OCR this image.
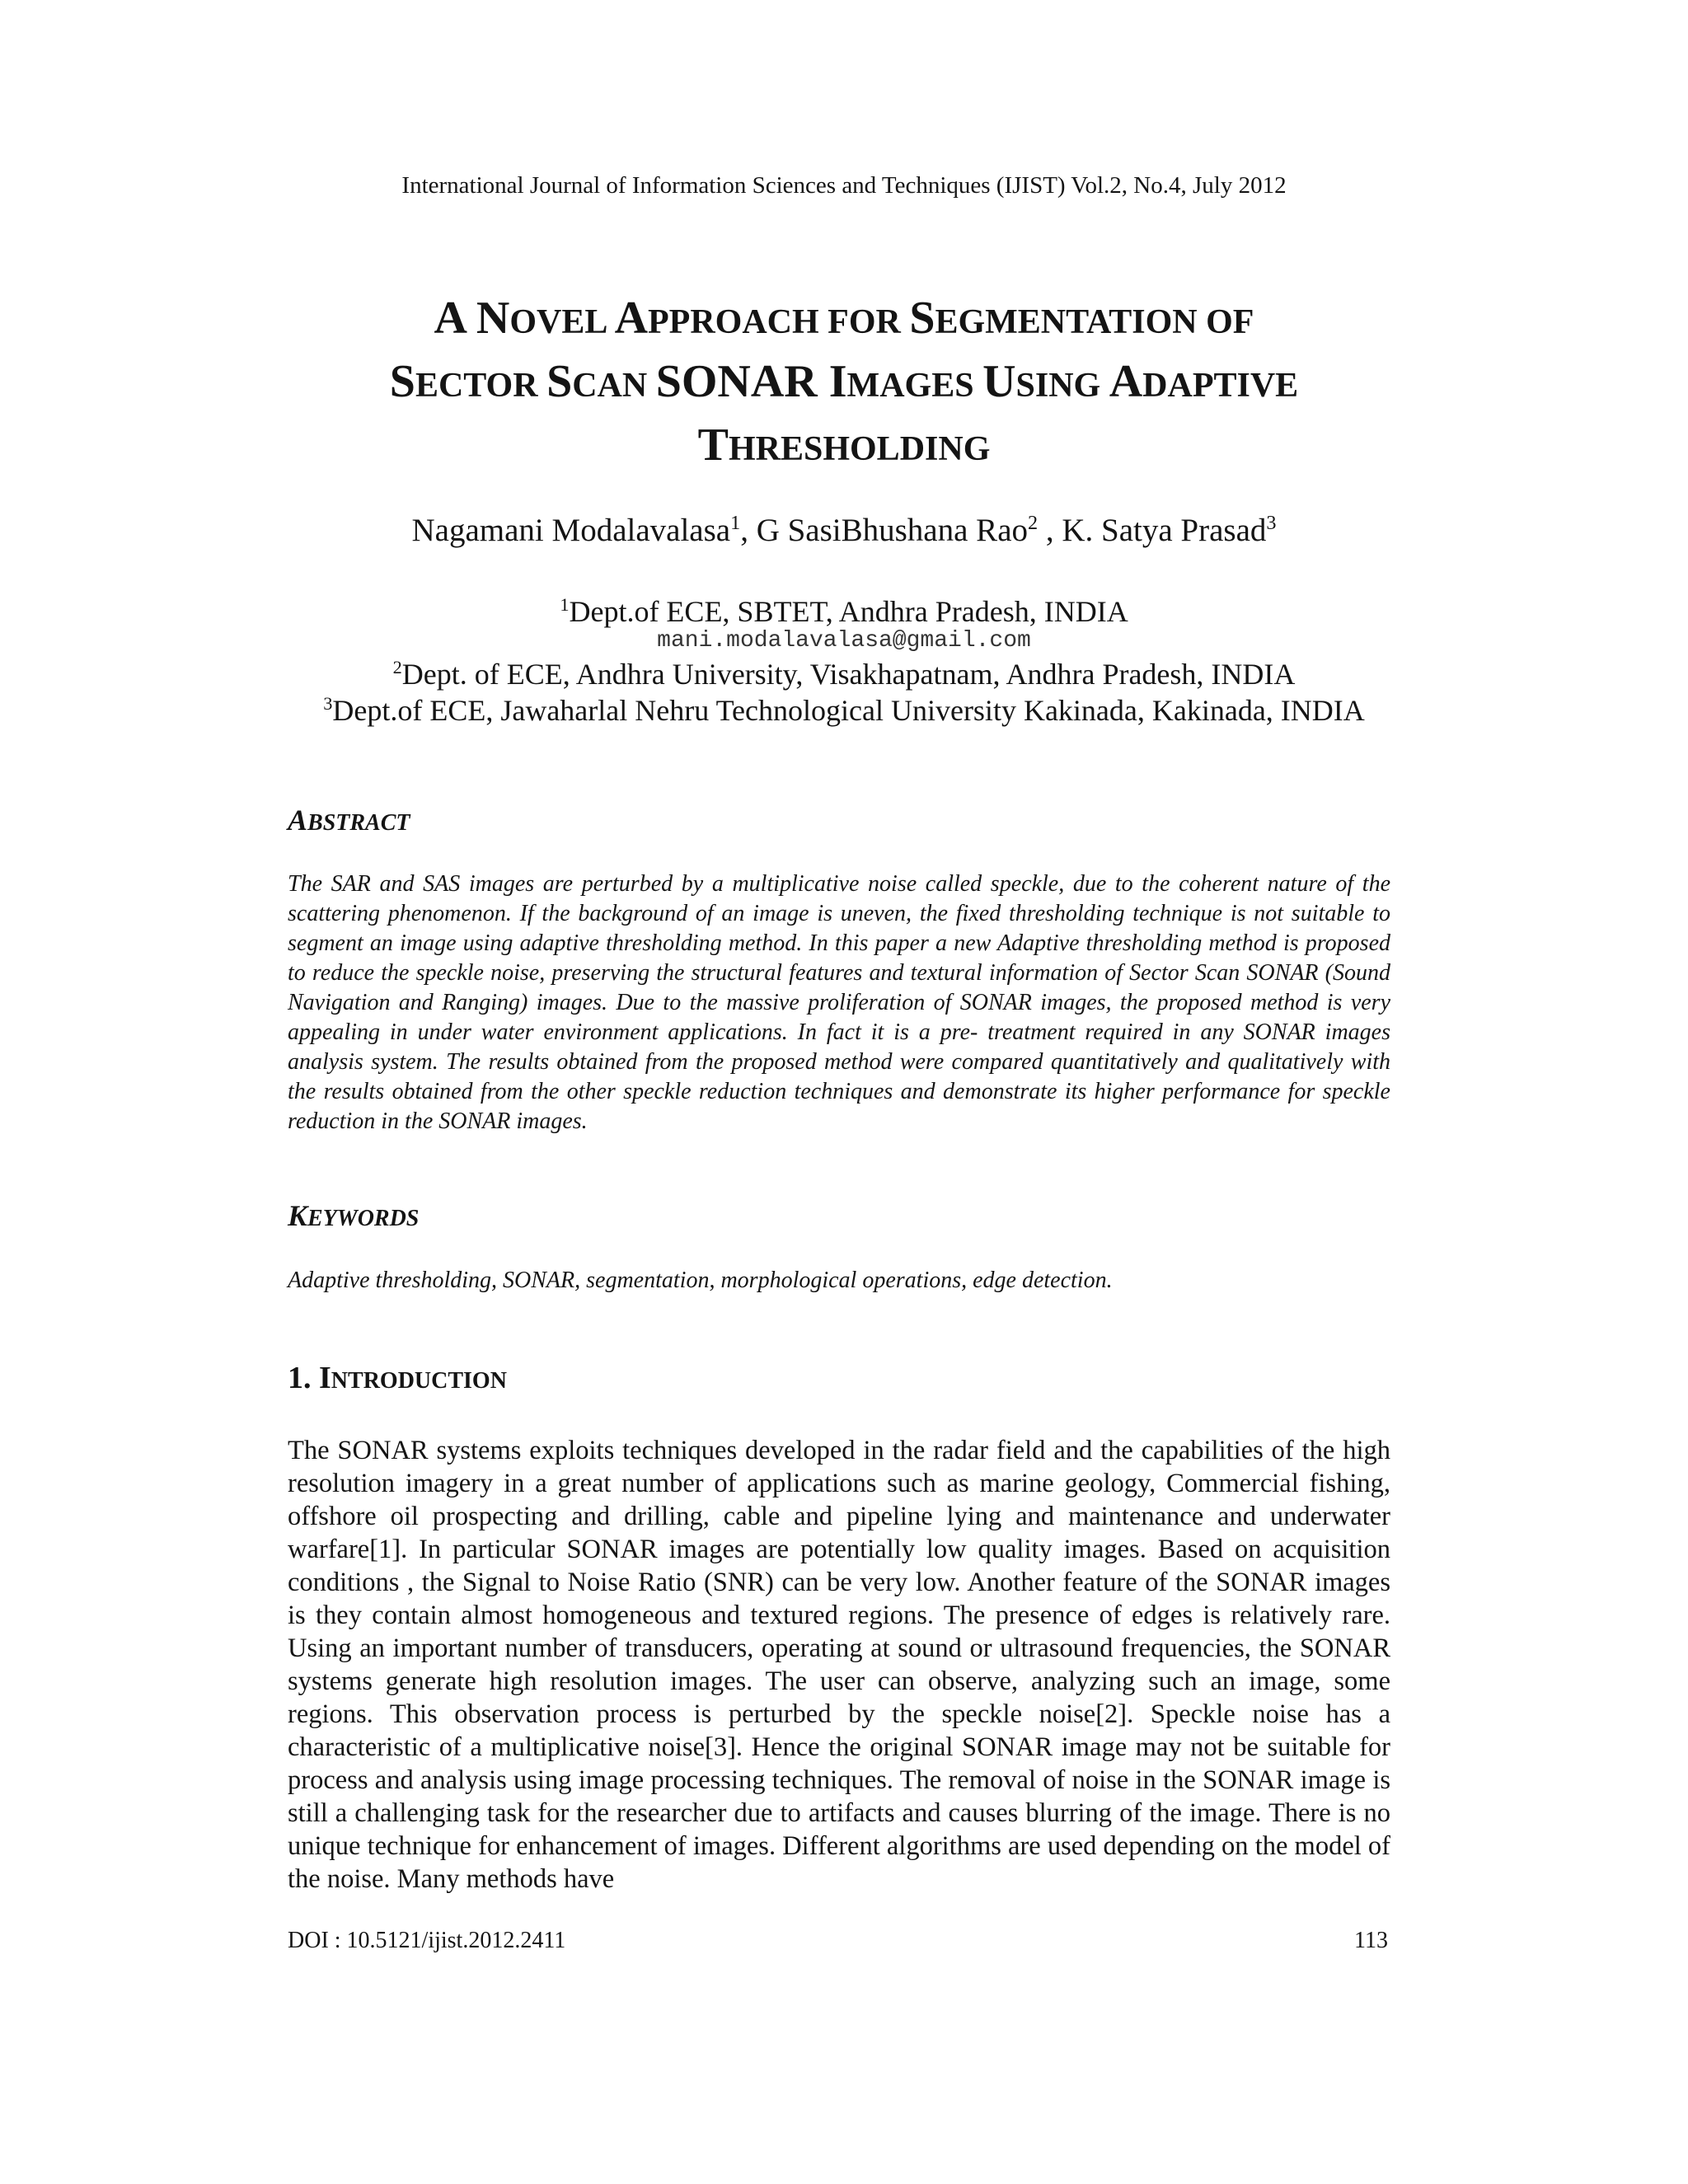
International Journal of Information Sciences and Techniques (IJIST) Vol.2, No.4, July 2012
A NOVEL APPROACH FOR SEGMENTATION OF
SECTOR SCAN SONAR IMAGES USING ADAPTIVE
THRESHOLDING
Nagamani Modalavalasa$^1$, G SasiBhushana Rao$^2$ , K. Satya Prasad$^3$
$^1$Dept.of ECE, SBTET, Andhra Pradesh, INDIA
mani.modalavalasa@gmail.com
$^2$Dept. of ECE, Andhra University, Visakhapatnam, Andhra Pradesh, INDIA
$^3$Dept.of ECE, Jawaharlal Nehru Technological University Kakinada, Kakinada, INDIA
ABSTRACT
The SAR and SAS images are perturbed by a multiplicative noise called speckle, due to the coherent nature of the scattering phenomenon. If the background of an image is uneven, the fixed thresholding technique is not suitable to segment an image using adaptive thresholding method. In this paper a new Adaptive thresholding method is proposed to reduce the speckle noise, preserving the structural features and textural information of Sector Scan SONAR (Sound Navigation and Ranging) images. Due to the massive proliferation of SONAR images, the proposed method is very appealing in under water environment applications. In fact it is a pre- treatment required in any SONAR images analysis system. The results obtained from the proposed method were compared quantitatively and qualitatively with the results obtained from the other speckle reduction techniques and demonstrate its higher performance for speckle reduction in the SONAR images.
KEYWORDS
Adaptive thresholding, SONAR, segmentation, morphological operations, edge detection.
1. INTRODUCTION
The SONAR systems exploits techniques developed in the radar field and the capabilities of the high resolution imagery in a great number of applications such as marine geology, Commercial fishing, offshore oil prospecting and drilling, cable and pipeline lying and maintenance and underwater warfare[1]. In particular SONAR images are potentially low quality images. Based on acquisition conditions , the Signal to Noise Ratio (SNR) can be very low. Another feature of the SONAR images is they contain almost homogeneous and textured regions. The presence of edges is relatively rare. Using an important number of transducers, operating at sound or ultrasound frequencies, the SONAR systems generate high resolution images. The user can observe, analyzing such an image, some regions. This observation process is perturbed by the speckle noise[2]. Speckle noise has a characteristic of a multiplicative noise[3]. Hence the original SONAR image may not be suitable for process and analysis using image processing techniques. The removal of noise in the SONAR image is still a challenging task for the researcher due to artifacts and causes blurring of the image. There is no unique technique for enhancement of images. Different algorithms are used depending on the model of the noise. Many methods have
DOI : 10.5121/ijist.2012.2411	113
